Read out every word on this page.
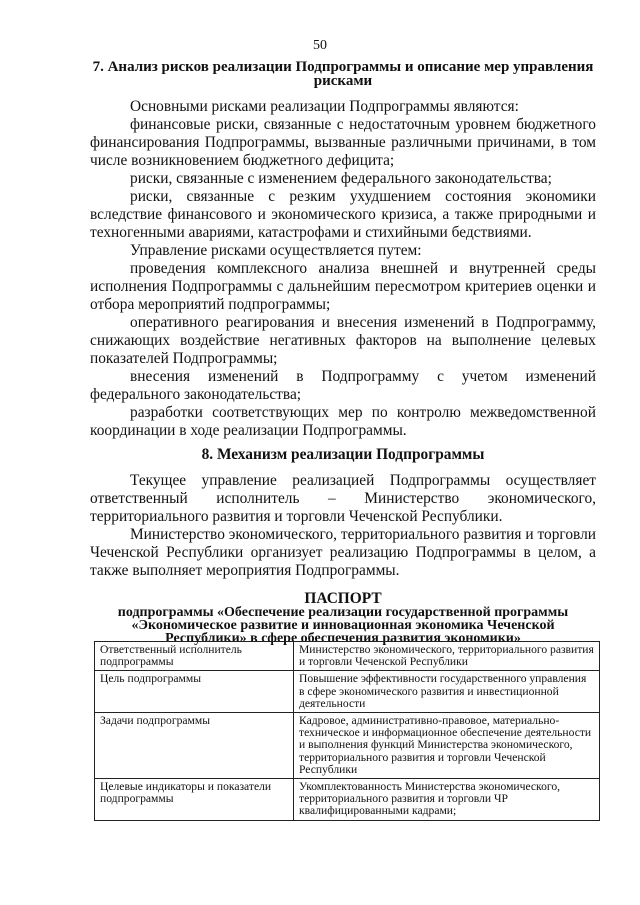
50
7. Анализ рисков реализации Подпрограммы и описание мер управления рисками

Основными рисками реализации Подпрограммы являются:

финансовые риски, связанные с недостаточным уровнем бюджетного финансирования Подпрограммы, вызванные различными причинами, в том числе возникновением бюджетного дефицита;

риски, связанные с изменением федерального законодательства;

риски, связанные с резким ухудшением состояния экономики вследствие финансового и экономического кризиса, а также природными и техногенными авариями, катастрофами и стихийными бедствиями.

Управление рисками осуществляется путем:

проведения комплексного анализа внешней и внутренней среды исполнения Подпрограммы с дальнейшим пересмотром критериев оценки и отбора мероприятий подпрограммы;

оперативного реагирования и внесения изменений в Подпрограмму, снижающих воздействие негативных факторов на выполнение целевых показателей Подпрограммы;

внесения изменений в Подпрограмму с учетом изменений федерального законодательства;

разработки соответствующих мер по контролю межведомственной координации в ходе реализации Подпрограммы.

8. Механизм реализации Подпрограммы

Текущее управление реализацией Подпрограммы осуществляет ответственный исполнитель – Министерство экономического, территориального развития и торговли Чеченской Республики.

Министерство экономического, территориального развития и торговли Чеченской Республики организует реализацию Подпрограммы в целом, а также выполняет мероприятия Подпрограммы.

ПАСПОРТ
подпрограммы «Обеспечение реализации государственной программы «Экономическое развитие и инновационная экономика Чеченской Республики» в сфере обеспечения развития экономики»
Ответственный исполнитель подпрограммы	Министерство экономического, территориального развития и торговли Чеченской Республики
Цель подпрограммы	Повышение эффективности государственного управления в сфере экономического развития и инвестиционной деятельности
Задачи подпрограммы	Кадровое, административно-правовое, материально-техническое и информационное обеспечение деятельности и выполнения функций Министерства экономического, территориального развития и торговли Чеченской Республики
Целевые индикаторы и показатели подпрограммы	Укомплектованность Министерства экономического, территориального развития и торговли ЧР квалифицированными кадрами;
